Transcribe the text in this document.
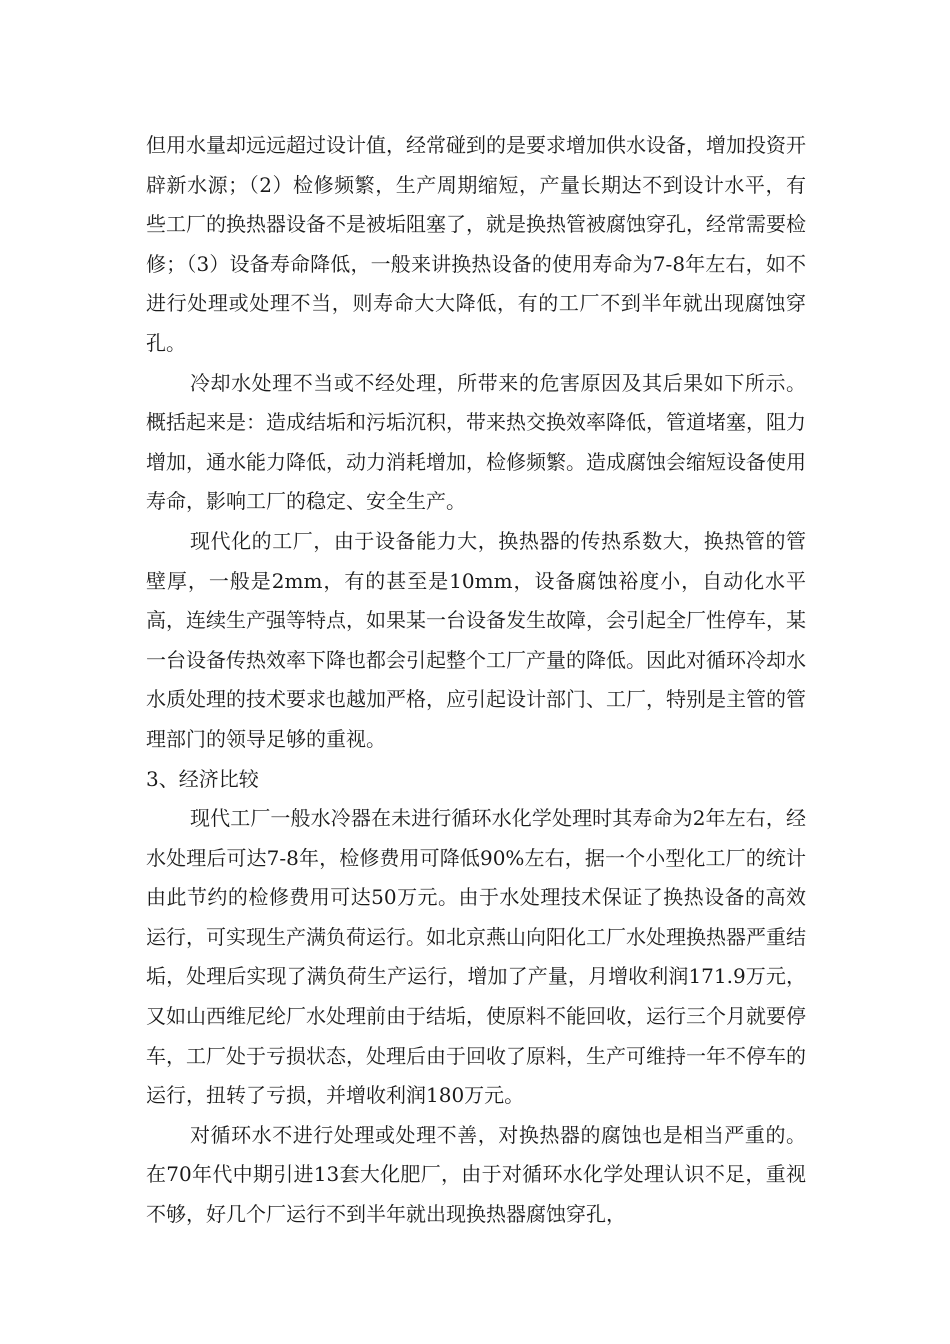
但用水量却远远超过设计值，经常碰到的是要求增加供水设备，增加投资开辟新水源；（2）检修频繁，生产周期缩短，产量长期达不到设计水平，有些工厂的换热器设备不是被垢阻塞了，就是换热管被腐蚀穿孔，经常需要检修；（3）设备寿命降低，一般来讲换热设备的使用寿命为7-8年左右，如不进行处理或处理不当，则寿命大大降低，有的工厂不到半年就出现腐蚀穿孔。

冷却水处理不当或不经处理，所带来的危害原因及其后果如下所示。概括起来是：造成结垢和污垢沉积，带来热交换效率降低，管道堵塞，阻力增加，通水能力降低，动力消耗增加，检修频繁。造成腐蚀会缩短设备使用寿命，影响工厂的稳定、安全生产。

现代化的工厂，由于设备能力大，换热器的传热系数大，换热管的管壁厚，一般是2mm，有的甚至是10mm，设备腐蚀裕度小，自动化水平高，连续生产强等特点，如果某一台设备发生故障，会引起全厂性停车，某一台设备传热效率下降也都会引起整个工厂产量的降低。因此对循环冷却水水质处理的技术要求也越加严格，应引起设计部门、工厂，特别是主管的管理部门的领导足够的重视。

3、经济比较

现代工厂一般水冷器在未进行循环水化学处理时其寿命为2年左右，经水处理后可达7-8年，检修费用可降低90%左右，据一个小型化工厂的统计由此节约的检修费用可达50万元。由于水处理技术保证了换热设备的高效运行，可实现生产满负荷运行。如北京燕山向阳化工厂水处理换热器严重结垢，处理后实现了满负荷生产运行，增加了产量，月增收利润171.9万元，又如山西维尼纶厂水处理前由于结垢，使原料不能回收，运行三个月就要停车，工厂处于亏损状态，处理后由于回收了原料，生产可维持一年不停车的运行，扭转了亏损，并增收利润180万元。

对循环水不进行处理或处理不善，对换热器的腐蚀也是相当严重的。在70年代中期引进13套大化肥厂，由于对循环水化学处理认识不足，重视不够，好几个厂运行不到半年就出现换热器腐蚀穿孔，
